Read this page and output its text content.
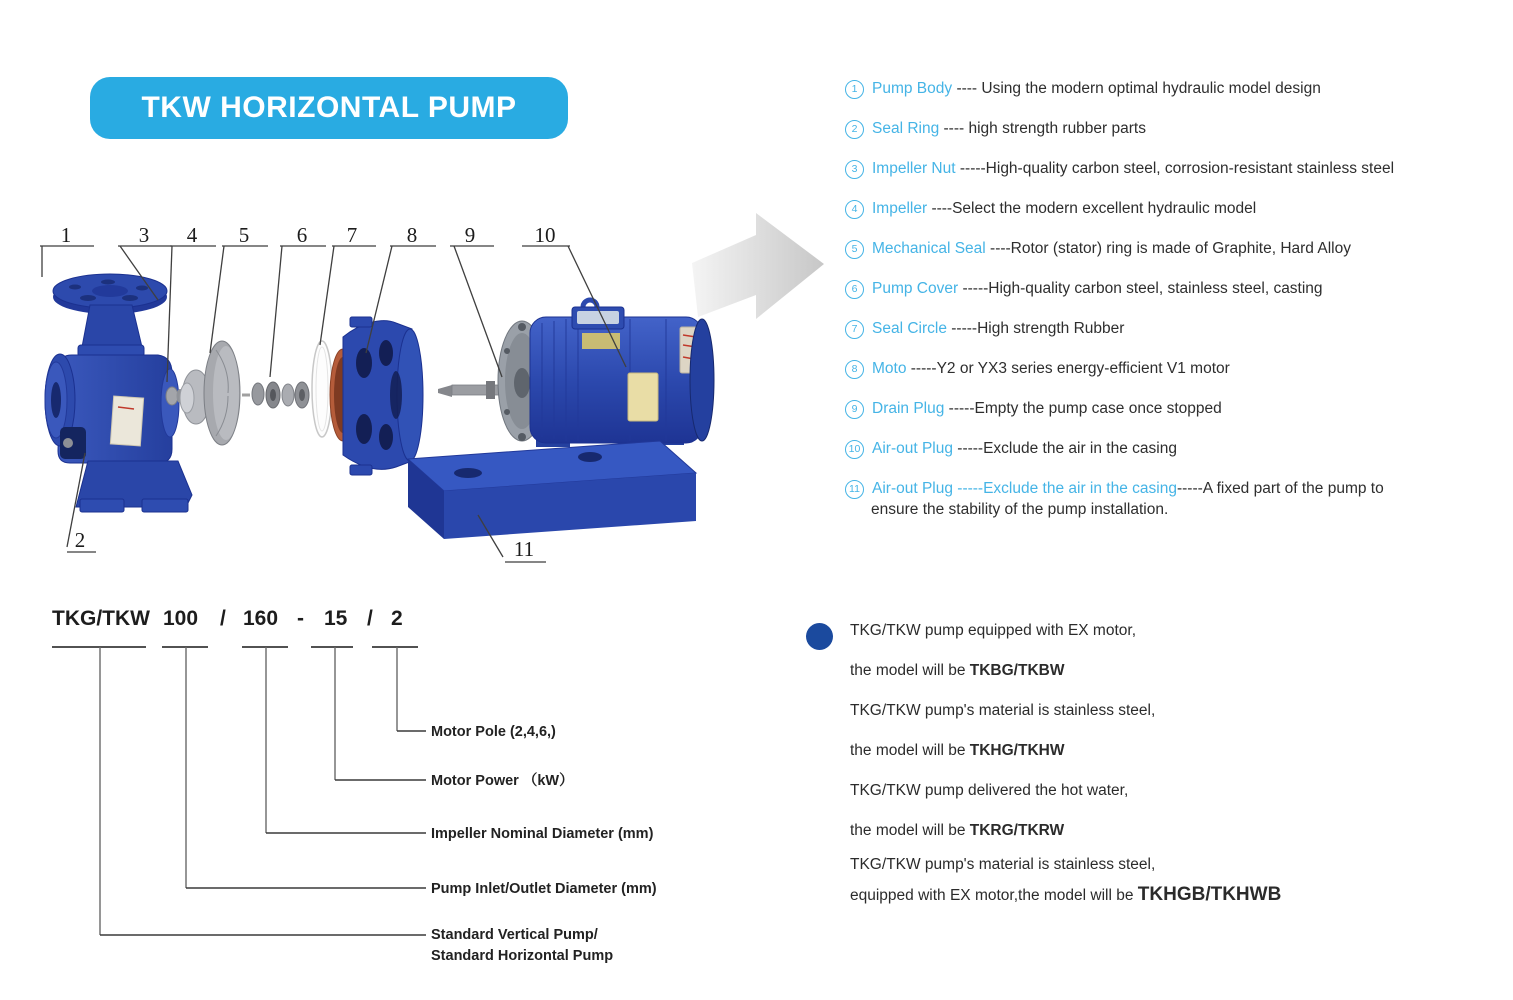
TKW HORIZONTAL PUMP
1	3 4 5 6 7 8 9	10
2	11
1 Pump Body ---- Using the modern optimal hydraulic model design
2 Seal Ring ---- high strength rubber parts
3 Impeller Nut -----High-quality carbon steel, corrosion-resistant stainless steel
4 Impeller ----Select the modern excellent hydraulic model
5 Mechanical Seal ----Rotor (stator) ring is made of Graphite, Hard Alloy
6 Pump Cover -----High-quality carbon steel, stainless steel, casting
7 Seal Circle -----High strength Rubber
8 Moto -----Y2 or YX3 series energy-efficient V1 motor
9 Drain Plug -----Empty the pump case once stopped
10 Air-out Plug -----Exclude the air in the casing
11 Air-out Plug -----Exclude the air in the casing -----A fixed part of the pump to
ensure the stability of the pump installation.
TKG/TKW 100 / 160 - 15 / 2
Motor Pole (2,4,6,)
Motor Power （kW）
Impeller Nominal Diameter (mm)
Pump Inlet/Outlet Diameter (mm)
Standard Vertical Pump/
Standard Horizontal Pump
TKG/TKW pump equipped with EX motor,
the model will be TKBG/TKBW
TKG/TKW pump's material is stainless steel,
the model will be TKHG/TKHW
TKG/TKW pump delivered the hot water,
the model will be TKRG/TKRW
TKG/TKW pump's material is stainless steel,
equipped with EX motor,the model will be TKHGB/TKHWB
